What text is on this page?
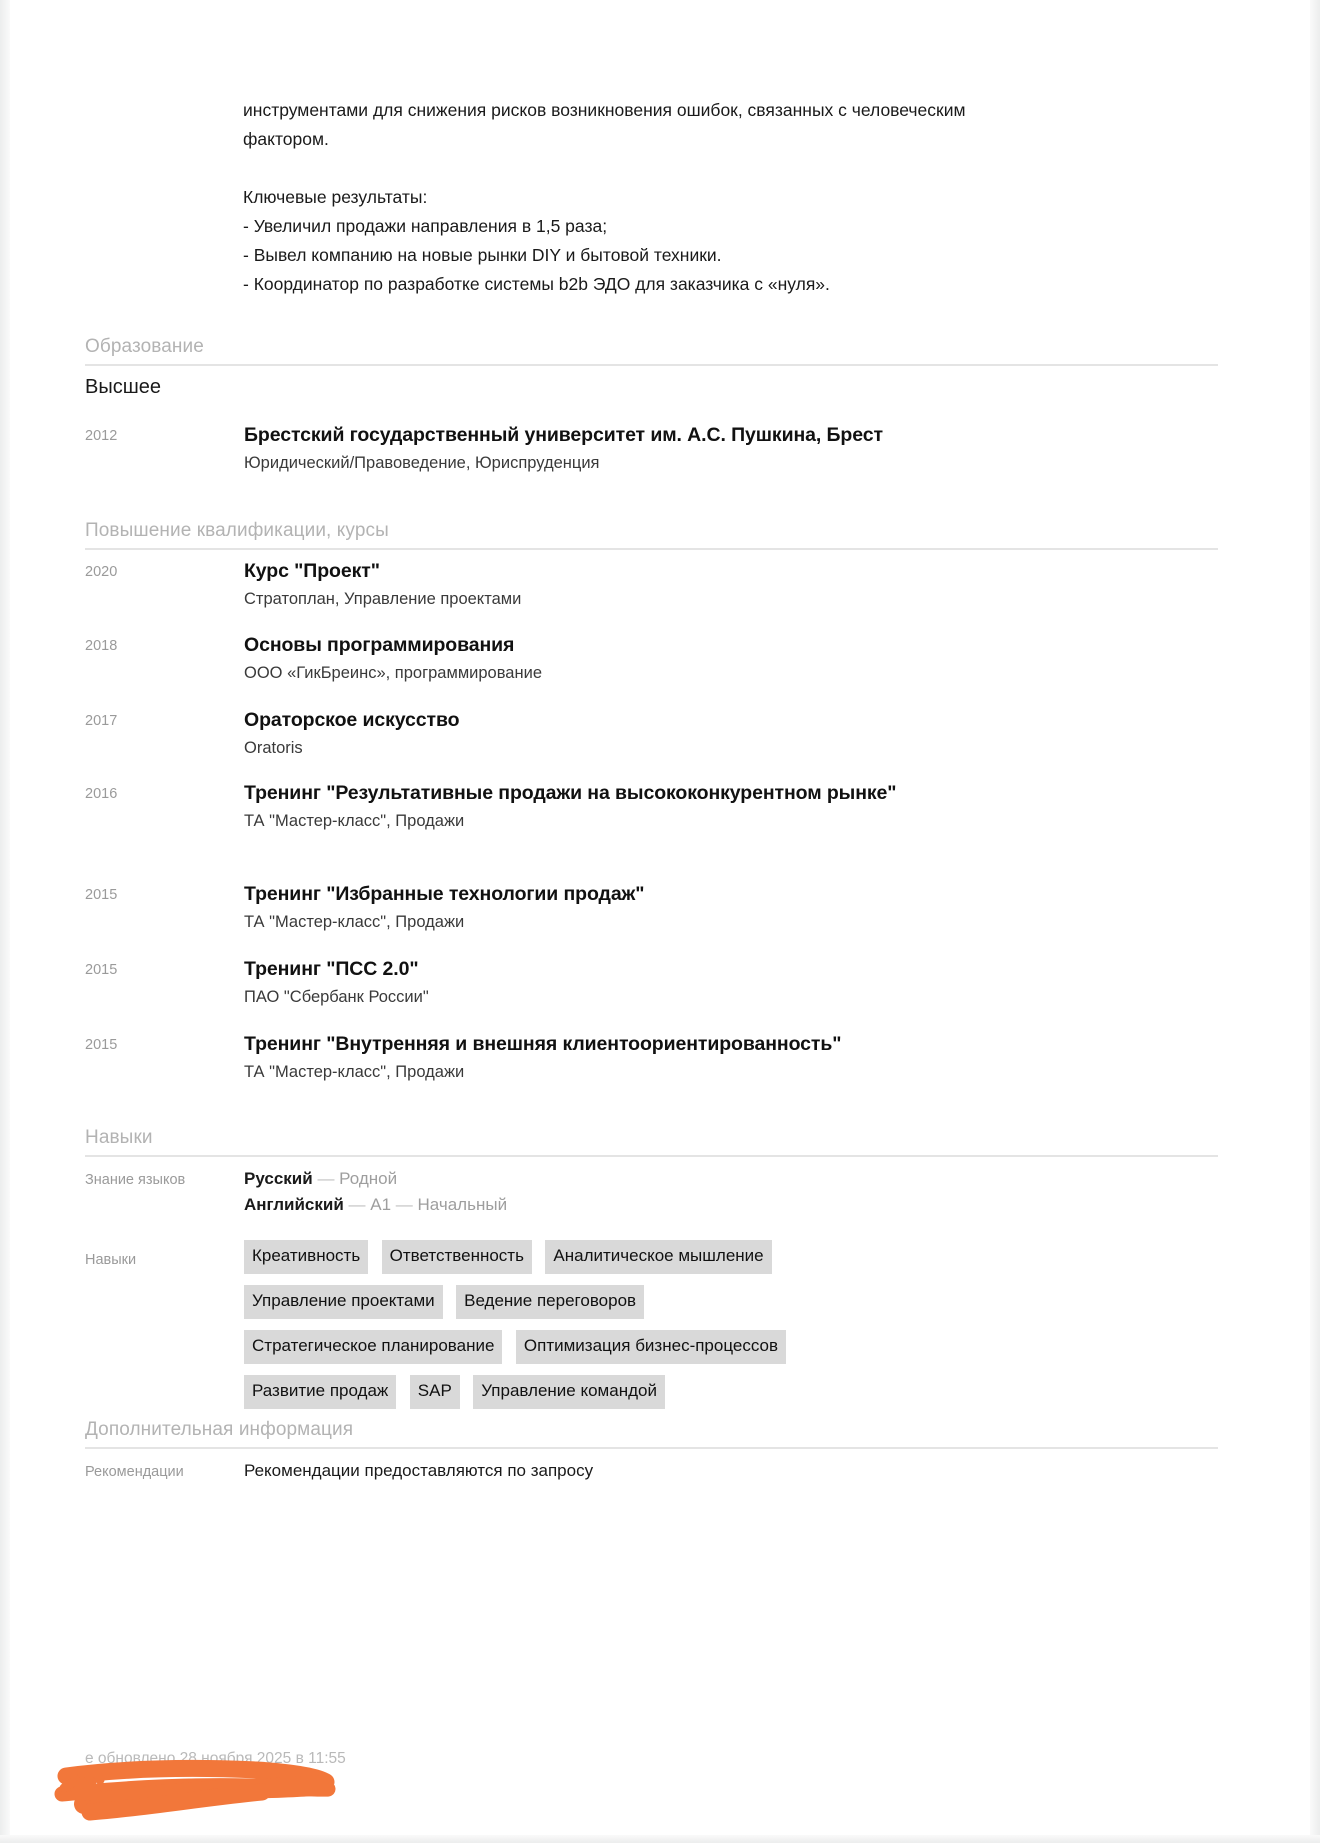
инструментами для снижения рисков возникновения ошибок, связанных с человеческим фактором.

Ключевые результаты:

- Увеличил продажи направления в 1,5 раза;

- Вывел компанию на новые рынки DIY и бытовой техники.

- Координатор по разработке системы b2b ЭДО для заказчика с «нуля».

Образование
Высшее
2012	Брестский государственный университет им. А.С. Пушкина, Брест
Юридический/Правоведение, Юриспруденция
Повышение квалификации, курсы
2020	Курс "Проект"
Стратоплан, Управление проектами
2018	Основы программирования
ООО «ГикБреинс», программирование
2017	Ораторское искусство
Oratoris
2016	Тренинг "Результативные продажи на высококонкурентном рынке"
ТА "Мастер-класс", Продажи
2015	Тренинг "Избранные технологии продаж"
ТА "Мастер-класс", Продажи
2015	Тренинг "ПСС 2.0"
ПАО "Сбербанк России"
2015	Тренинг "Внутренняя и внешняя клиентоориентированность"
ТА "Мастер-класс", Продажи
Навыки
Знание языков	Русский — Родной
Английский — A1 — Начальный
Навыки	Креативность Ответственность Аналитическое мышление
Управление проектами Ведение переговоров
Стратегическое планирование Оптимизация бизнес-процессов
Развитие продаж SAP Управление командой
Дополнительная информация
Рекомендации	Рекомендации предоставляются по запросу
е обновлено 28 ноября 2025 в 11:55
